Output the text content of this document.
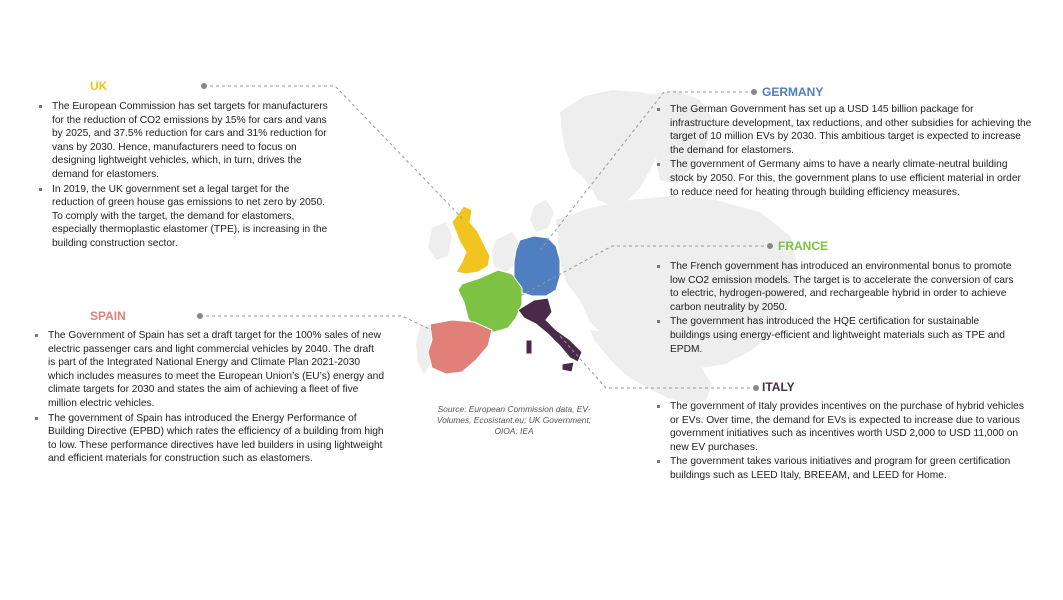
UK
The European Commission has set targets for manufacturers for the reduction of CO2 emissions by 15% for cars and vans by 2025, and 37.5% reduction for cars and 31% reduction for vans by 2030. Hence, manufacturers need to focus on designing lightweight vehicles, which, in turn, drives the demand for elastomers.
In 2019, the UK government set a legal target for the reduction of green house gas emissions to net zero by 2050. To comply with the target, the demand for elastomers, especially thermoplastic elastomer (TPE), is increasing in the building construction sector.
SPAIN
The Government of Spain has set a draft target for the 100% sales of new electric passenger cars and light commercial vehicles by 2040. The draft is part of the Integrated National Energy and Climate Plan 2021-2030 which includes measures to meet the European Union’s (EU’s) energy and climate targets for 2030 and states the aim of achieving a fleet of five million electric vehicles.
The government of Spain has introduced the Energy Performance of Building Directive (EPBD) which rates the efficiency of a building from high to low. These performance directives have led builders in using lightweight and efficient materials for construction such as elastomers.
GERMANY
The German Government has set up a USD 145 billion package for infrastructure development, tax reductions, and other subsidies for achieving the target of 10 million EVs by 2030. This ambitious target is expected to increase the demand for elastomers.
The government of Germany aims to have a nearly climate-neutral building stock by 2050. For this, the government plans to use efficient material in order to reduce need for heating through building efficiency measures.
FRANCE
The French government has introduced an environmental bonus to promote low CO2 emission models. The target is to accelerate the conversion of cars to electric, hydrogen-powered, and rechargeable hybrid in order to achieve carbon neutrality by 2050.
The government has introduced the HQE certification for sustainable buildings using energy-efficient and lightweight materials such as TPE and EPDM.
ITALY
The government of Italy provides incentives on the purchase of hybrid vehicles or EVs. Over time, the demand for EVs is expected to increase due to various government initiatives such as incentives worth USD 2,000 to USD 11,000 on new EV purchases.
The government takes various initiatives and program for green certification buildings such as LEED Italy, BREEAM, and LEED for Home.
Source: European Commission data, EV-Volumes, Ecosistant.eu; UK Government; OIOA; IEA
